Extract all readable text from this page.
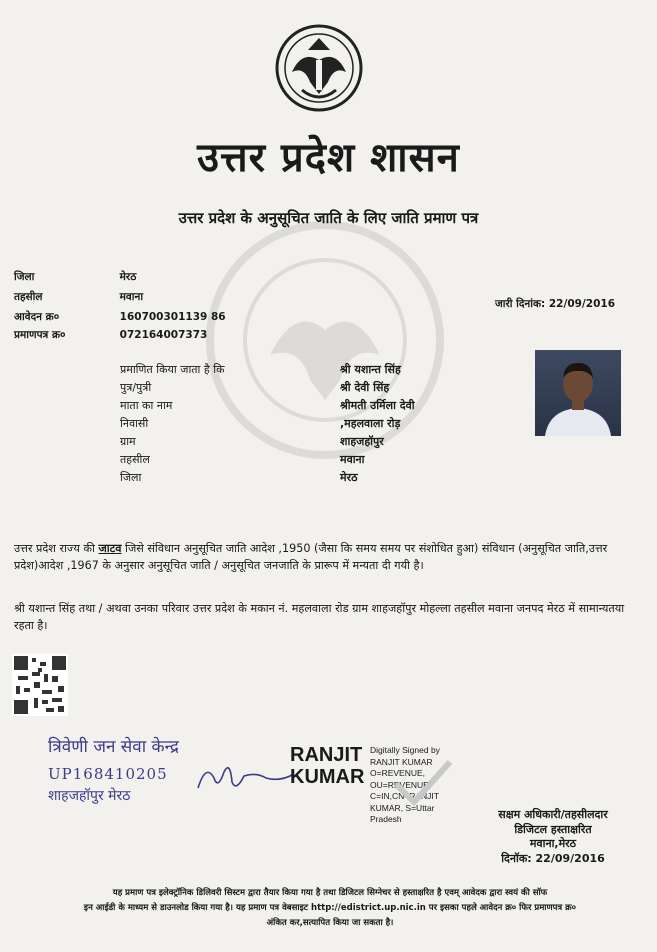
उत्तर प्रदेश शासन
उत्तर प्रदेश के अनुसूचित जाति के लिए जाति प्रमाण पत्र
जिला	मेरठ
तहसील	मवाना
आवेदन क्र०	160700301139 86
प्रमाणपत्र क्र०	072164007373
जारी दिनांक: 22/09/2016
प्रमाणित किया जाता है कि	श्री यशान्त सिंह
पुत्र/पुत्री	श्री देवी सिंह
माता का नाम	श्रीमती उर्मिला देवी
निवासी	,महलवाला रोड़
ग्राम	शाहजहॉपुर
तहसील	मवाना
जिला	मेरठ
उत्तर प्रदेश राज्य की जाटव जिसे संविधान अनुसूचित जाति आदेश ,1950 (जैसा कि समय समय पर संशोधित हुआ) संविधान (अनुसूचित जाति,उत्तर प्रदेश)आदेश ,1967 के अनुसार अनुसूचित जाति / अनुसूचित जनजाति के प्रारूप में मन्यता दी गयी है।
श्री यशान्त सिंह तथा / अथवा उनका परिवार उत्तर प्रदेश के मकान नं. महलवाला रोड ग्राम शाहजहॉपुर मोहल्ला तहसील मवाना जनपद मेरठ में सामान्यतया रहता है।
त्रिवेणी जन सेवा केन्द्र
UP168410205
शाहजहॉपुर मेरठ
RANJIT
KUMAR
Digitally Signed by
RANJIT KUMAR
O=REVENUE,
OU=REVENUE,
C=IN,CN=RANJIT
KUMAR, S=Uttar
Pradesh	सक्षम अधिकारी/तहसीलदार
डिजिटल हस्ताक्षरित
मवाना,मेरठ
दिनॉक: 22/09/2016
यह प्रमाण पत्र इलेक्ट्रॉनिक डिलिवरी सिस्टम द्वारा तैयार किया गया है तथा डिजिटल सिग्नेचर से हस्ताक्षरित है एवम् आवेदक द्वारा स्वयं की सॉफ
इन आईडी के माध्यम से डाउनलोड किया गया है। यह प्रमाण पत्र वेबसाइट http://edistrict.up.nic.in पर इसका पहले आवेदन क्र० फिर प्रमाणपत्र क्र०
अंकित कर,सत्यापित किया जा सकता है।
